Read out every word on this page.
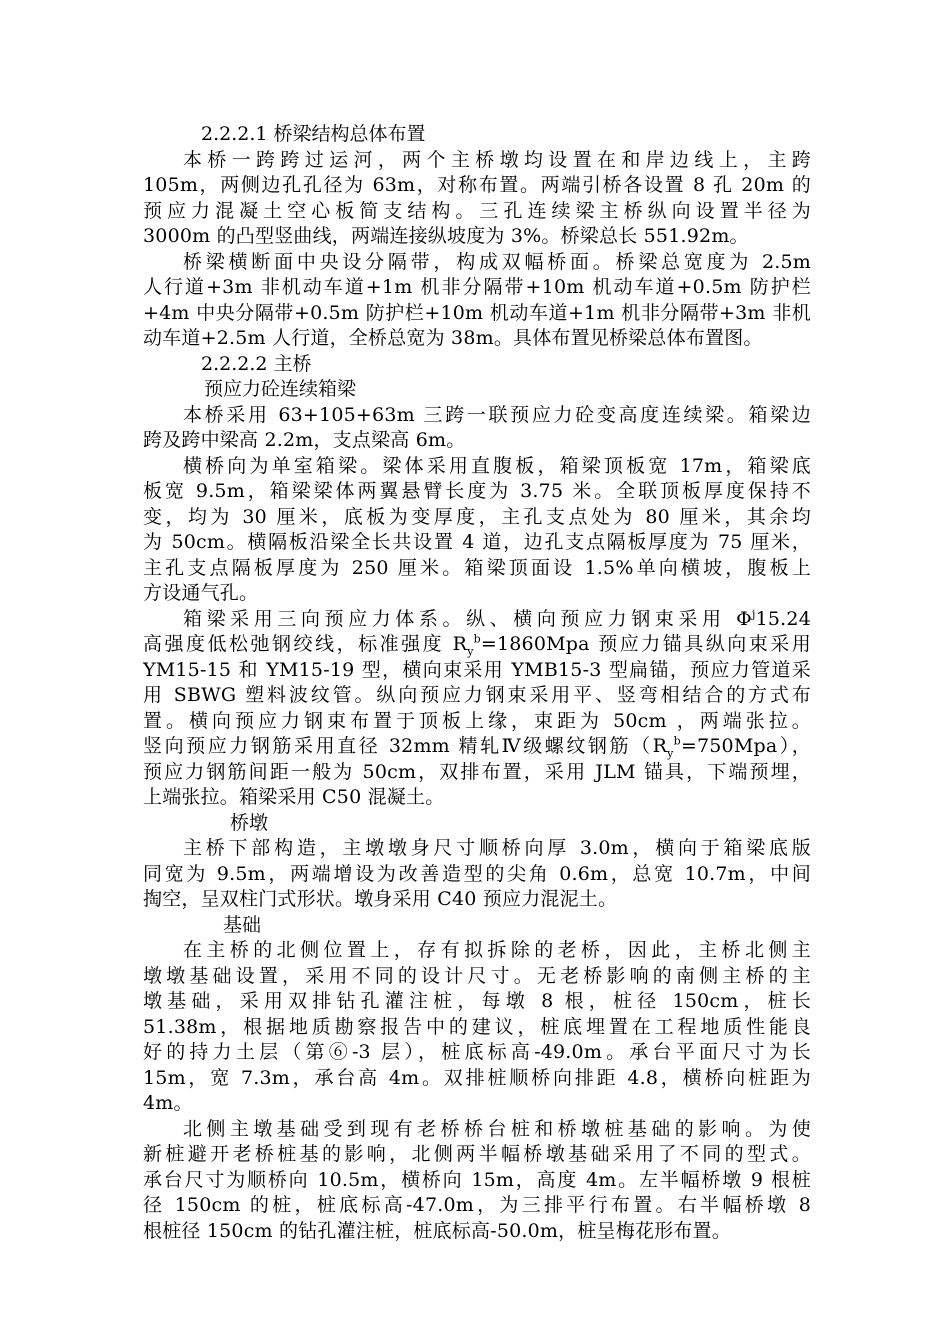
2.2.2.1 桥梁结构总体布置
本桥一跨跨过运河，两个主桥墩均设置在和岸边线上，主跨
105m，两侧边孔孔径为 63m，对称布置。两端引桥各设置 8 孔 20m 的
预应力混凝土空心板简支结构。三孔连续梁主桥纵向设置半径为
3000m 的凸型竖曲线，两端连接纵坡度为 3%。桥梁总长 551.92m。
桥梁横断面中央设分隔带，构成双幅桥面。桥梁总宽度为 2.5m
人行道+3m 非机动车道+1m 机非分隔带+10m 机动车道+0.5m 防护栏
+4m 中央分隔带+0.5m 防护栏+10m 机动车道+1m 机非分隔带+3m 非机
动车道+2.5m 人行道，全桥总宽为 38m。具体布置见桥梁总体布置图。
2.2.2.2 主桥
预应力砼连续箱梁
本桥采用 63+105+63m 三跨一联预应力砼变高度连续梁。箱梁边
跨及跨中梁高 2.2m，支点梁高 6m。
横桥向为单室箱梁。梁体采用直腹板，箱梁顶板宽 17m，箱梁底
板宽 9.5m，箱梁梁体两翼悬臂长度为 3.75 米。全联顶板厚度保持不
变，均为 30 厘米，底板为变厚度，主孔支点处为 80 厘米，其余均
为 50cm。横隔板沿梁全长共设置 4 道，边孔支点隔板厚度为 75 厘米，
主孔支点隔板厚度为 250 厘米。箱梁顶面设 1.5%单向横坡，腹板上
方设通气孔。
箱梁采用三向预应力体系。纵、横向预应力钢束采用 $\Phi^j15.24$
高强度低松弛钢绞线，标准强度 $R_y^b=1860Mpa$ 预应力锚具纵向束采用
YM15-15 和 YM15-19 型，横向束采用 YMB15-3 型扁锚，预应力管道采
用 SBWG 塑料波纹管。纵向预应力钢束采用平、竖弯相结合的方式布
置。横向预应力钢束布置于顶板上缘，束距为 50cm ，两端张拉。
竖向预应力钢筋采用直径 32mm 精轧Ⅳ级螺纹钢筋$(R_y^b=750Mpa)$，
预应力钢筋间距一般为 50cm，双排布置，采用 JLM 锚具，下端预埋，
上端张拉。箱梁采用 C50 混凝土。
桥墩
主桥下部构造，主墩墩身尺寸顺桥向厚 3.0m，横向于箱梁底版
同宽为 9.5m，两端增设为改善造型的尖角 0.6m，总宽 10.7m，中间
掏空，呈双柱门式形状。墩身采用 C40 预应力混泥土。
基础
在主桥的北侧位置上，存有拟拆除的老桥，因此，主桥北侧主
墩墩基础设置，采用不同的设计尺寸。无老桥影响的南侧主桥的主
墩基础，采用双排钻孔灌注桩，每墩 8 根，桩径 150cm，桩长
51.38m，根据地质勘察报告中的建议，桩底埋置在工程地质性能良
好的持力土层（第⑥-3 层），桩底标高-49.0m。承台平面尺寸为长
15m，宽 7.3m，承台高 4m。双排桩顺桥向排距 4.8，横桥向桩距为
4m。
北侧主墩基础受到现有老桥桥台桩和桥墩桩基础的影响。为使
新桩避开老桥桩基的影响，北侧两半幅桥墩基础采用了不同的型式。
承台尺寸为顺桥向 10.5m，横桥向 15m，高度 4m。左半幅桥墩 9 根桩
径 150cm 的桩，桩底标高-47.0m，为三排平行布置。右半幅桥墩 8
根桩径 150cm 的钻孔灌注桩，桩底标高-50.0m，桩呈梅花形布置。
